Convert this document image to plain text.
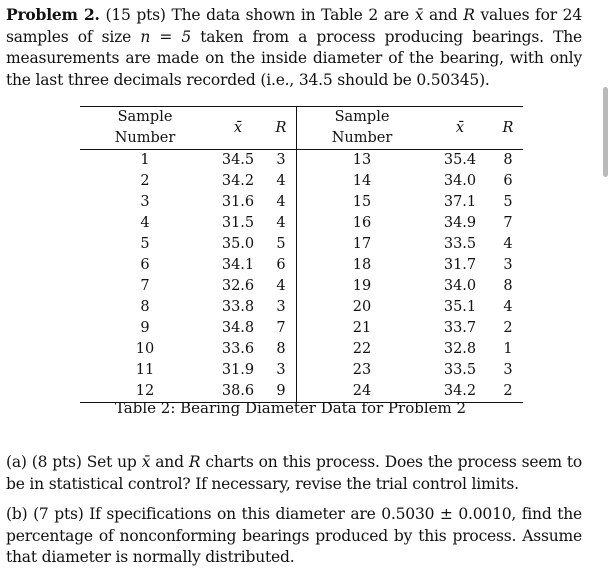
Problem 2. (15 pts) The data shown in Table 2 are x̄ and R values for 24 samples of size n = 5 taken from a process producing bearings. The measurements are made on the inside diameter of the bearing, with only the last three decimals recorded (i.e., 34.5 should be 0.50345).
Sample Number	x̄	R	Sample Number	x̄	R
1	34.5	3	13	35.4	8
2	34.2	4	14	34.0	6
3	31.6	4	15	37.1	5
4	31.5	4	16	34.9	7
5	35.0	5	17	33.5	4
6	34.1	6	18	31.7	3
7	32.6	4	19	34.0	8
8	33.8	3	20	35.1	4
9	34.8	7	21	33.7	2
10	33.6	8	22	32.8	1
11	31.9	3	23	33.5	3
12	38.6	9	24	34.2	2
Table 2: Bearing Diameter Data for Problem 2
(a) (8 pts) Set up x̄ and R charts on this process. Does the process seem to be in statistical control? If necessary, revise the trial control limits.
(b) (7 pts) If specifications on this diameter are 0.5030 ± 0.0010, find the percentage of nonconforming bearings produced by this process. Assume that diameter is normally distributed.
